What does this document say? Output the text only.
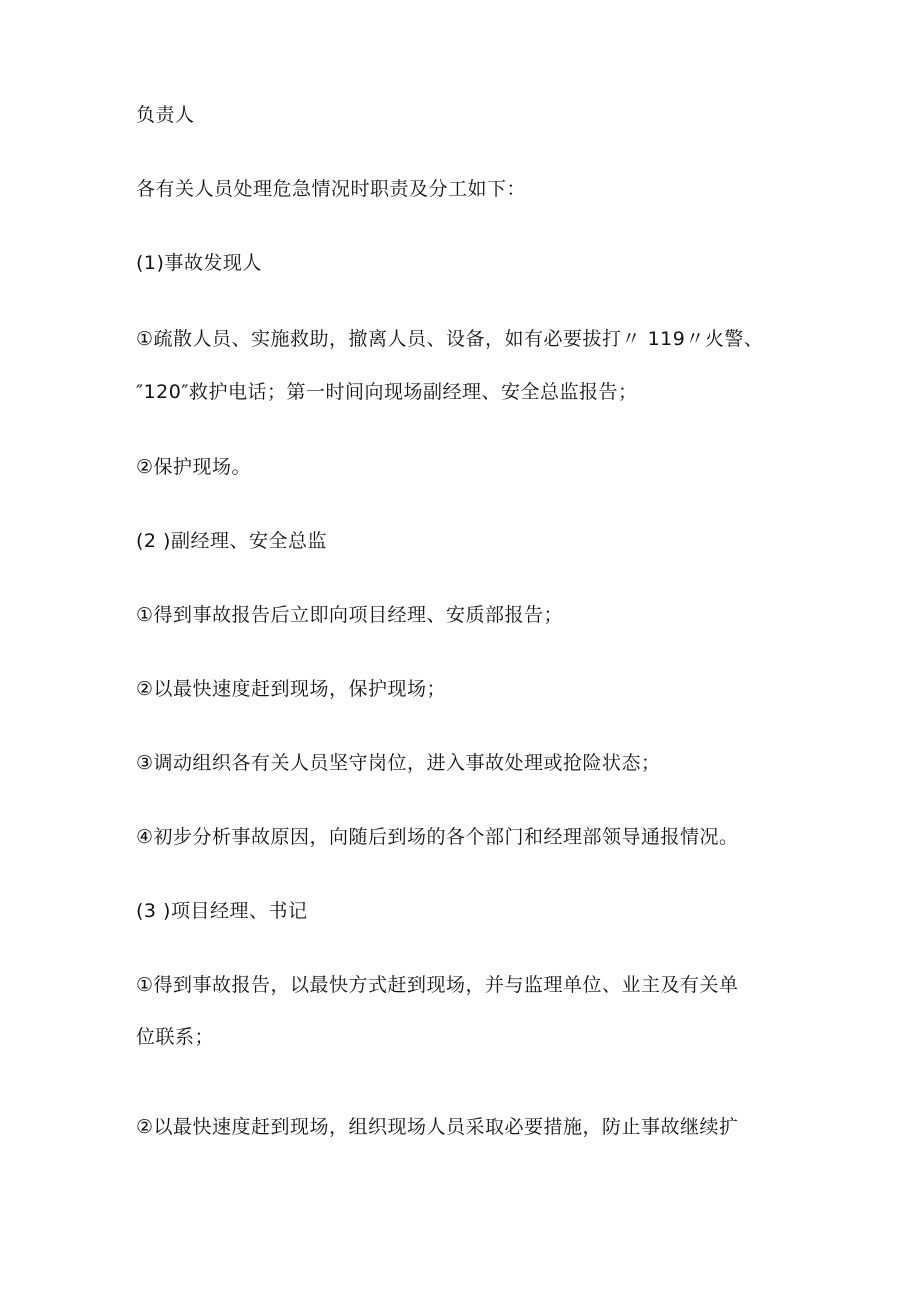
负责人
各有关人员处理危急情况时职责及分工如下：
(1)事故发现人
①疏散人员、实施救助，撤离人员、设备，如有必要拔打〃 119〃火警、
″120″救护电话；第一时间向现场副经理、安全总监报告；
②保护现场。
(2 )副经理、安全总监
①得到事故报告后立即向项目经理、安质部报告；
②以最快速度赶到现场，保护现场；
③调动组织各有关人员坚守岗位，进入事故处理或抢险状态；
④初步分析事故原因，向随后到场的各个部门和经理部领导通报情况。
(3 )项目经理、书记
①得到事故报告，以最快方式赶到现场，并与监理单位、业主及有关单
位联系；
②以最快速度赶到现场，组织现场人员采取必要措施，防止事故继续扩
